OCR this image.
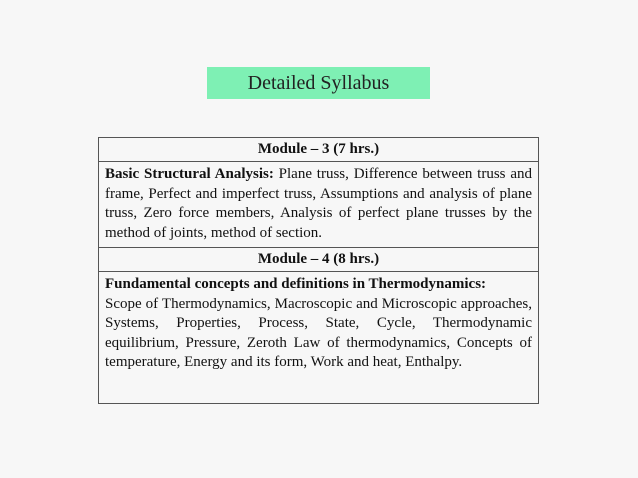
Detailed Syllabus
Module – 3 (7 hrs.)
Basic Structural Analysis: Plane truss, Difference between truss and frame, Perfect and imperfect truss, Assumptions and analysis of plane truss, Zero force members, Analysis of perfect plane trusses by the method of joints, method of section.
Module – 4 (8 hrs.)
Fundamental concepts and definitions in Thermodynamics:
Scope of Thermodynamics, Macroscopic and Microscopic approaches, Systems, Properties, Process, State, Cycle, Thermodynamic equilibrium, Pressure, Zeroth Law of thermodynamics, Concepts of temperature, Energy and its form, Work and heat, Enthalpy.
